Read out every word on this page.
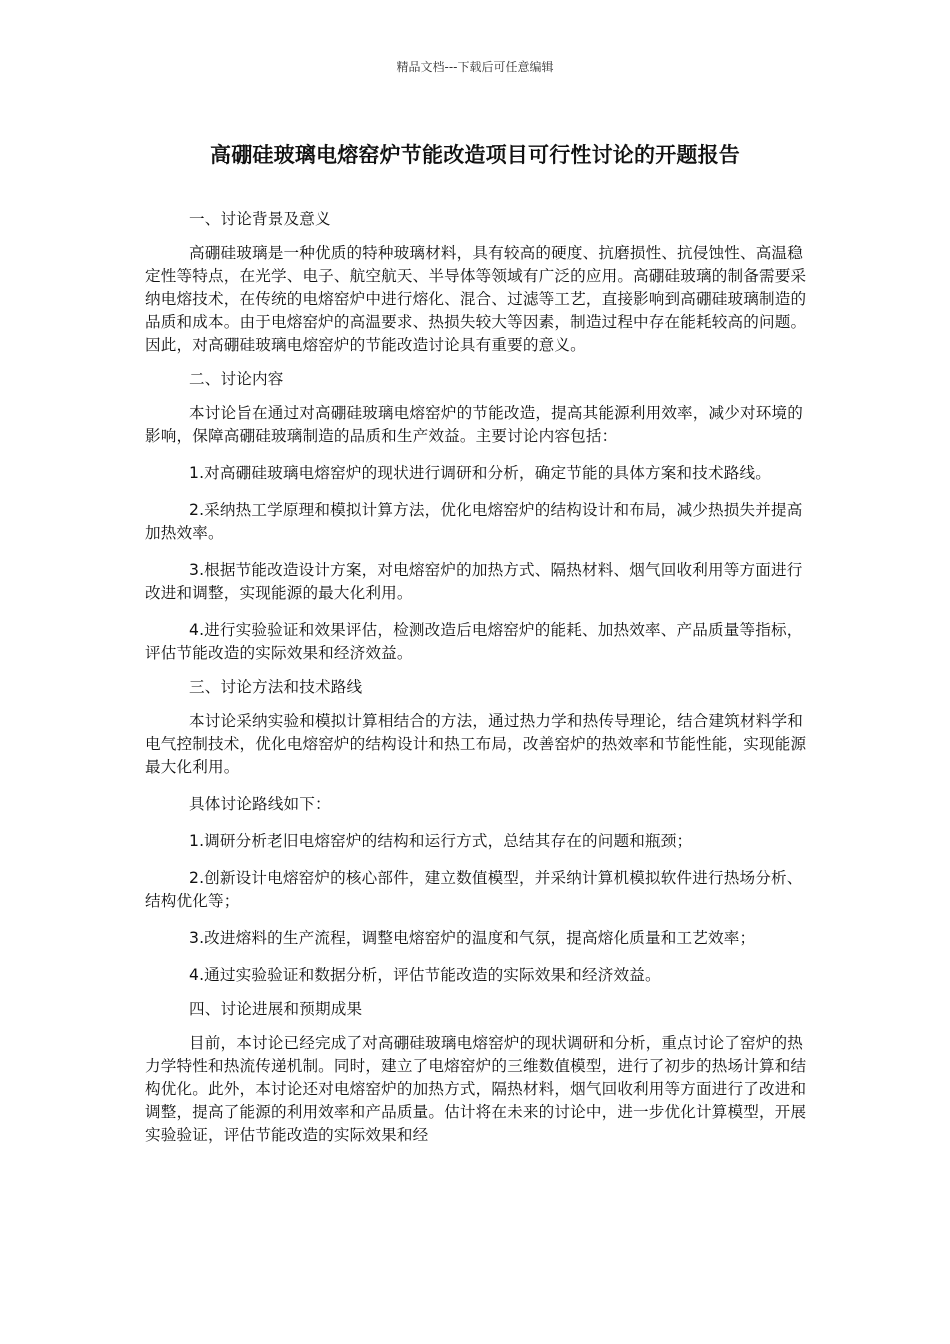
精品文档---下载后可任意编辑
高硼硅玻璃电熔窑炉节能改造项目可行性讨论的开题报告

一、讨论背景及意义

高硼硅玻璃是一种优质的特种玻璃材料，具有较高的硬度、抗磨损性、抗侵蚀性、高温稳定性等特点，在光学、电子、航空航天、半导体等领域有广泛的应用。高硼硅玻璃的制备需要采纳电熔技术，在传统的电熔窑炉中进行熔化、混合、过滤等工艺，直接影响到高硼硅玻璃制造的品质和成本。由于电熔窑炉的高温要求、热损失较大等因素，制造过程中存在能耗较高的问题。因此，对高硼硅玻璃电熔窑炉的节能改造讨论具有重要的意义。

二、讨论内容

本讨论旨在通过对高硼硅玻璃电熔窑炉的节能改造，提高其能源利用效率，减少对环境的影响，保障高硼硅玻璃制造的品质和生产效益。主要讨论内容包括：

1.对高硼硅玻璃电熔窑炉的现状进行调研和分析，确定节能的具体方案和技术路线。

2.采纳热工学原理和模拟计算方法，优化电熔窑炉的结构设计和布局，减少热损失并提高加热效率。

3.根据节能改造设计方案，对电熔窑炉的加热方式、隔热材料、烟气回收利用等方面进行改进和调整，实现能源的最大化利用。

4.进行实验验证和效果评估，检测改造后电熔窑炉的能耗、加热效率、产品质量等指标，评估节能改造的实际效果和经济效益。

三、讨论方法和技术路线

本讨论采纳实验和模拟计算相结合的方法，通过热力学和热传导理论，结合建筑材料学和电气控制技术，优化电熔窑炉的结构设计和热工布局，改善窑炉的热效率和节能性能，实现能源最大化利用。

具体讨论路线如下：

1.调研分析老旧电熔窑炉的结构和运行方式，总结其存在的问题和瓶颈；

2.创新设计电熔窑炉的核心部件，建立数值模型，并采纳计算机模拟软件进行热场分析、结构优化等；

3.改进熔料的生产流程，调整电熔窑炉的温度和气氛，提高熔化质量和工艺效率；

4.通过实验验证和数据分析，评估节能改造的实际效果和经济效益。

四、讨论进展和预期成果

目前，本讨论已经完成了对高硼硅玻璃电熔窑炉的现状调研和分析，重点讨论了窑炉的热力学特性和热流传递机制。同时，建立了电熔窑炉的三维数值模型，进行了初步的热场计算和结构优化。此外，本讨论还对电熔窑炉的加热方式，隔热材料，烟气回收利用等方面进行了改进和调整，提高了能源的利用效率和产品质量。估计将在未来的讨论中，进一步优化计算模型，开展实验验证，评估节能改造的实际效果和经
